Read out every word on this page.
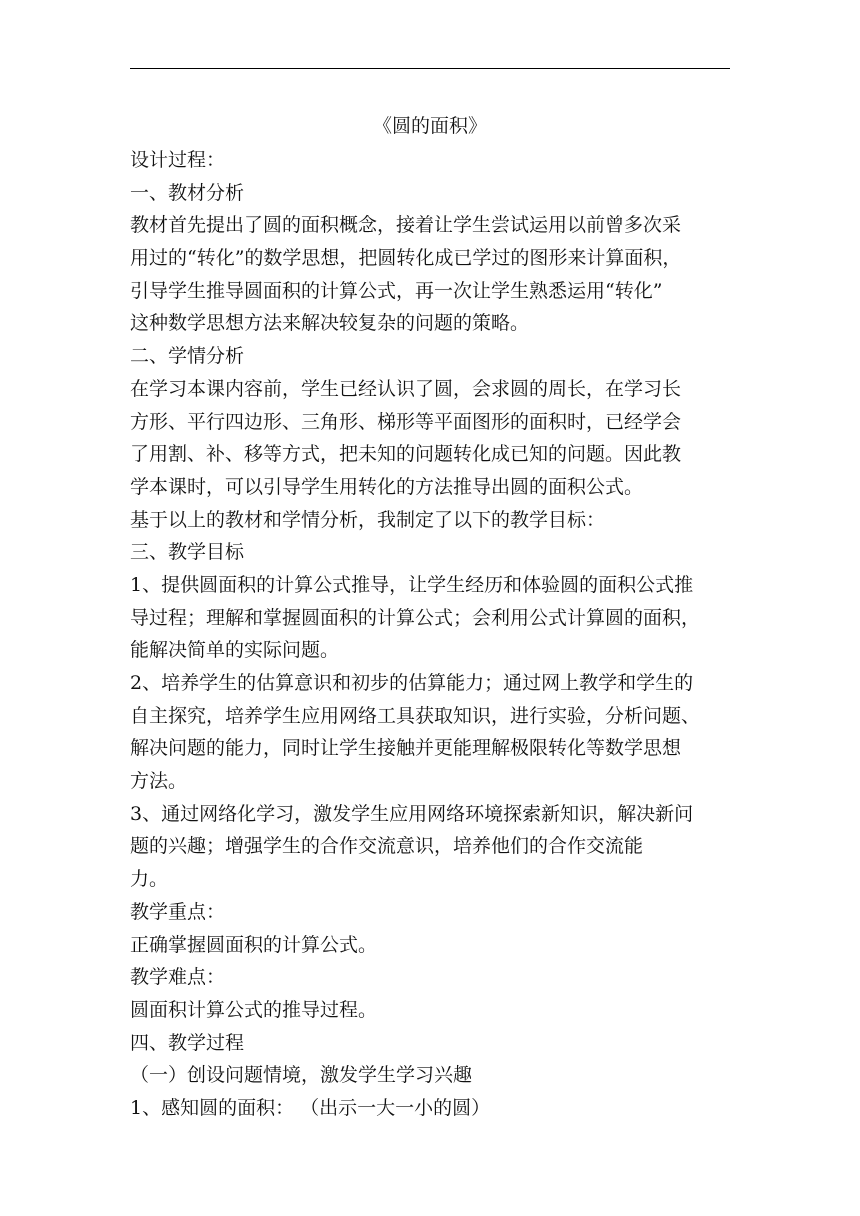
《圆的面积》
设计过程：
一、教材分析
教材首先提出了圆的面积概念，接着让学生尝试运用以前曾多次采
用过的“转化”的数学思想，把圆转化成已学过的图形来计算面积，
引导学生推导圆面积的计算公式，再一次让学生熟悉运用“转化”
这种数学思想方法来解决较复杂的问题的策略。
二、学情分析
在学习本课内容前，学生已经认识了圆，会求圆的周长，在学习长
方形、平行四边形、三角形、梯形等平面图形的面积时，已经学会
了用割、补、移等方式，把未知的问题转化成已知的问题。因此教
学本课时，可以引导学生用转化的方法推导出圆的面积公式。
基于以上的教材和学情分析，我制定了以下的教学目标：
三、教学目标
1、提供圆面积的计算公式推导，让学生经历和体验圆的面积公式推
导过程；理解和掌握圆面积的计算公式；会利用公式计算圆的面积，
能解决简单的实际问题。
2、培养学生的估算意识和初步的估算能力；通过网上教学和学生的
自主探究，培养学生应用网络工具获取知识，进行实验，分析问题、
解决问题的能力，同时让学生接触并更能理解极限转化等数学思想
方法。
3、通过网络化学习，激发学生应用网络环境探索新知识，解决新问
题的兴趣；增强学生的合作交流意识，培养他们的合作交流能
力。
教学重点：
正确掌握圆面积的计算公式。
教学难点：
圆面积计算公式的推导过程。
四、教学过程
（一）创设问题情境，激发学生学习兴趣
1、感知圆的面积： （出示一大一小的圆）
